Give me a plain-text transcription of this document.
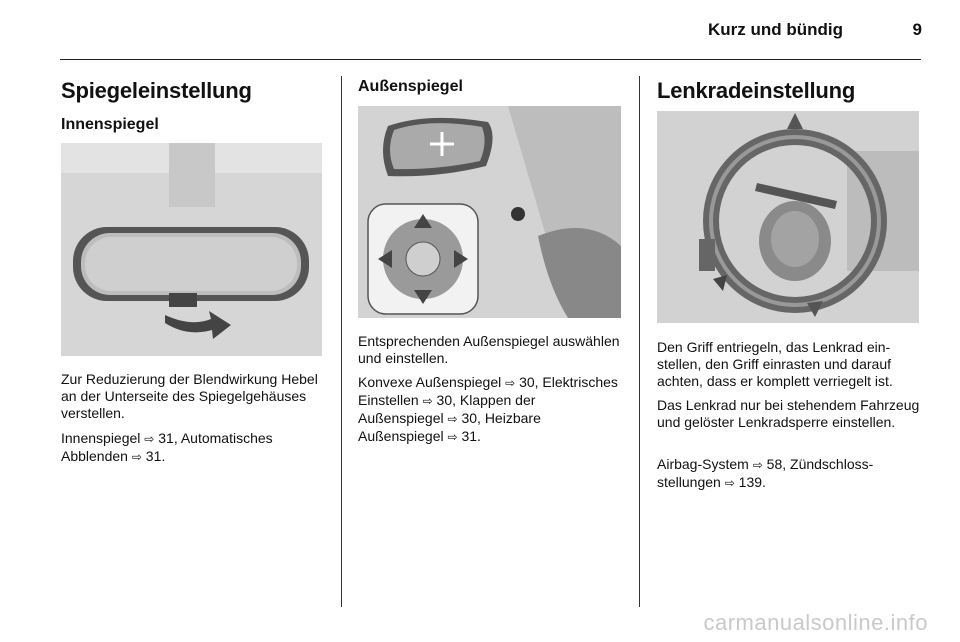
Kurz und bündig	9
Spiegeleinstellung
Innenspiegel

Zur Reduzierung der Blendwirkung Hebel an der Unterseite des Spiegelgehäuses verstellen.

Innenspiegel ⇨ 31, Automatisches Abblenden ⇨ 31.

Außenspiegel

Entsprechenden Außenspiegel auswählen und einstellen.

Konvexe Außenspiegel ⇨ 30, Elektrisches Einstellen ⇨ 30, Klappen der Außenspiegel ⇨ 30, Heizbare Außenspiegel ⇨ 31.

Lenkradeinstellung

Den Griff entriegeln, das Lenkrad einstellen, den Griff einrasten und darauf achten, dass er komplett verriegelt ist.

Das Lenkrad nur bei stehendem Fahrzeug und gelöster Lenkradsperre einstellen.

Airbag-System ⇨ 58, Zündschlossstellungen ⇨ 139.

carmanualsonline.info
